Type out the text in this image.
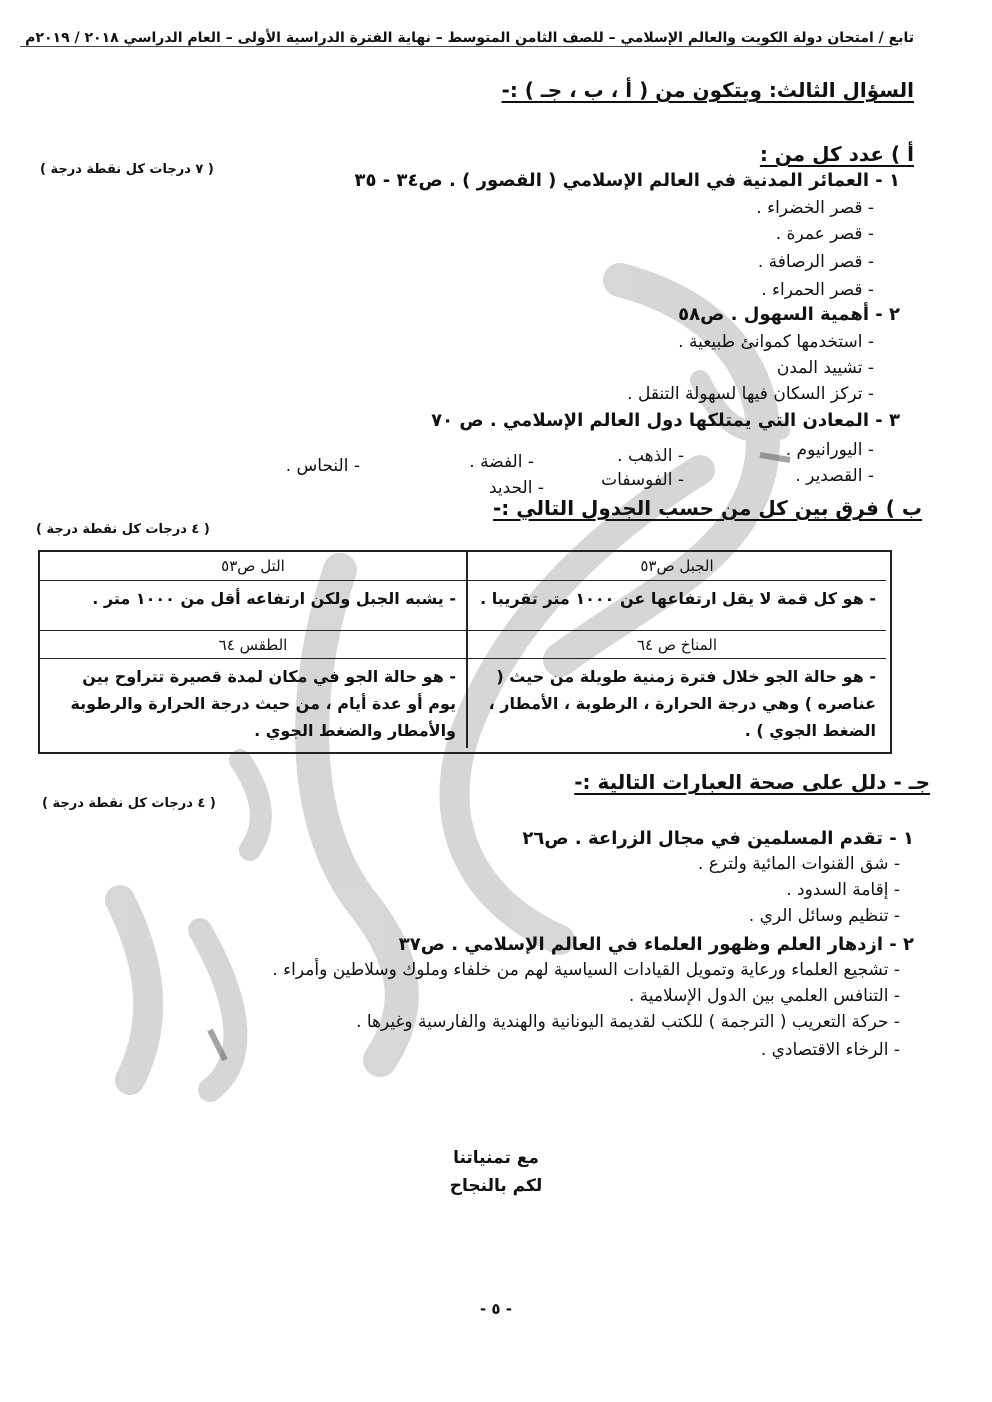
تابع / امتحان دولة الكويت والعالم الإسلامي – للصف الثامن المتوسط – نهاية الفترة الدراسية الأولى – العام الدراسي ٢٠١٨ / ٢٠١٩م
السؤال الثالث: ويتكون من ( أ ، ب ، جـ ) :-
أ ) عدد كل من :
( ٧ درجات كل نقطة درجة )
١ - العمائر المدنية في العالم الإسلامي ( القصور ) . ص٣٤ - ٣٥
- قصر الخضراء .
- قصر عمرة .
- قصر الرصافة .
- قصر الحمراء .
٢ - أهمية السهول . ص٥٨
- استخدمها كموانئ طبيعية .
- تشييد المدن
- تركز السكان فيها لسهولة التنقل .
٣ - المعادن التي يمتلكها دول العالم الإسلامي . ص ٧٠
- اليورانيوم .
- الذهب .
- الفضة .
- النحاس .	- القصدير .
- الفوسفات
- الحديد
ب ) فرق بين كل من حسب الجدول التالي :-
( ٤ درجات كل نقطة درجة )
الجبل ص٥٣
التل ص٥٣
- هو كل قمة لا يقل ارتفاعها عن ١٠٠٠ متر تقريبا .
- يشبه الجبل ولكن ارتفاعه أقل من ١٠٠٠ متر .
المناخ ص ٦٤
الطقس ٦٤
- هو حالة الجو خلال فترة زمنية طويلة من حيث ( عناصره ) وهي درجة الحرارة ، الرطوبة ، الأمطار ، الضغط الجوي ) .
- هو حالة الجو في مكان لمدة قصيرة تتراوح بين يوم أو عدة أيام ، من حيث درجة الحرارة والرطوبة والأمطار والضغط الجوي .
جـ - دلل على صحة العبارات التالية :-
( ٤ درجات كل نقطة درجة )
١ - تقدم المسلمين في مجال الزراعة . ص٢٦
- شق القنوات المائية ولترع .
- إقامة السدود .
- تنظيم وسائل الري .
٢ - ازدهار العلم وظهور العلماء في العالم الإسلامي . ص٣٧
- تشجيع العلماء ورعاية وتمويل القيادات السياسية لهم من خلفاء وملوك وسلاطين وأمراء .
- التنافس العلمي بين الدول الإسلامية .
- حركة التعريب ( الترجمة ) للكتب لقديمة اليونانية والهندية والفارسية وغيرها .
- الرخاء الاقتصادي .
مع تمنياتنا
لكم بالنجاح
- ٥ -
